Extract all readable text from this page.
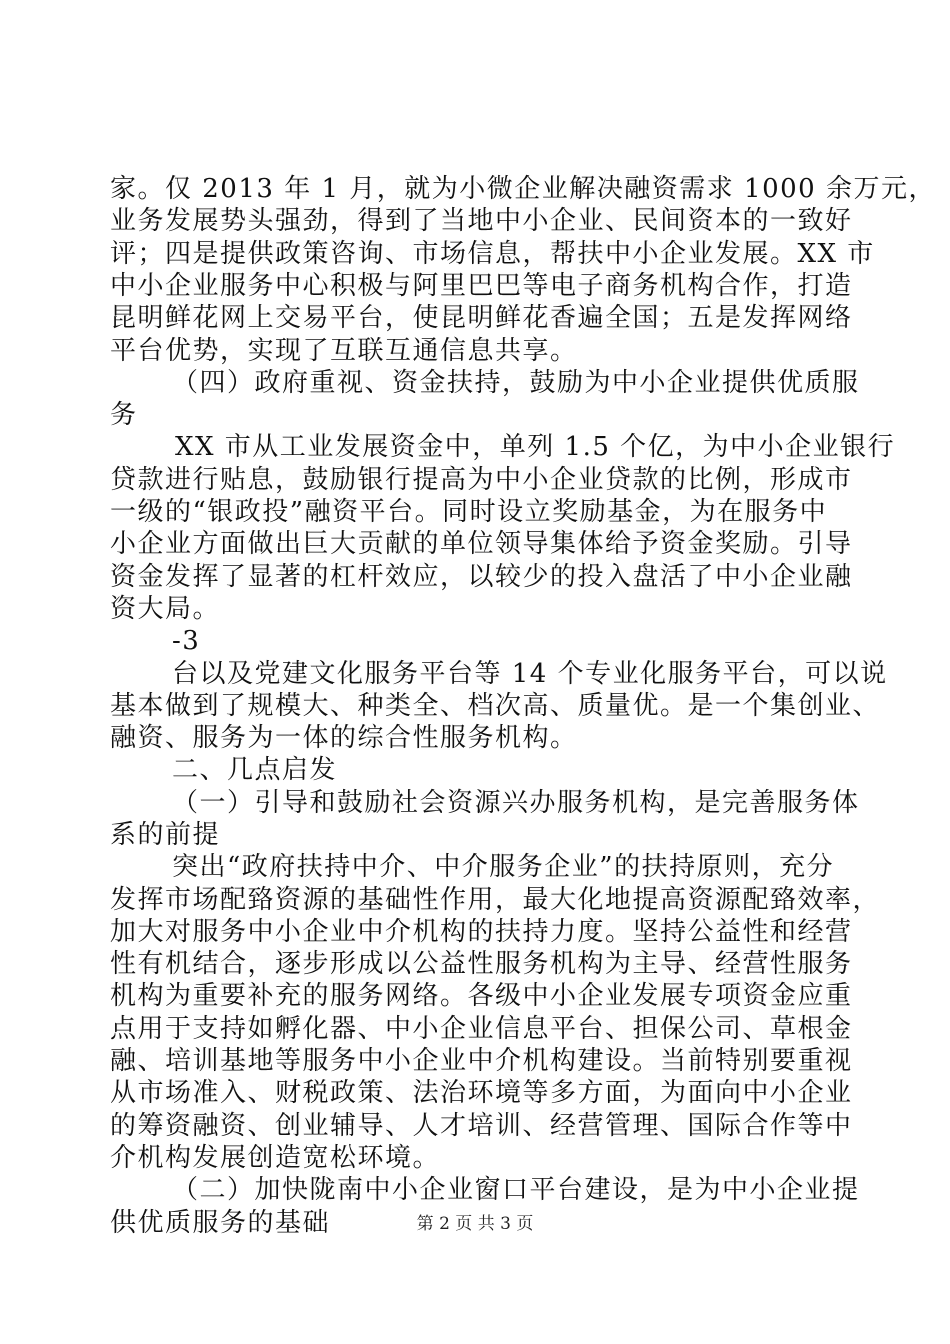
家。仅 2013 年 1 月，就为小微企业解决融资需求 1000 余万元，
业务发展势头强劲，得到了当地中小企业、民间资本的一致好
评；四是提供政策咨询、市场信息，帮扶中小企业发展。XX 市
中小企业服务中心积极与阿里巴巴等电子商务机构合作，打造
昆明鲜花网上交易平台，使昆明鲜花香遍全国；五是发挥网络
平台优势，实现了互联互通信息共享。
（四）政府重视、资金扶持，鼓励为中小企业提供优质服
务
XX 市从工业发展资金中，单列 1.5 个亿，为中小企业银行
贷款进行贴息，鼓励银行提高为中小企业贷款的比例，形成市
一级的“银政投”融资平台。同时设立奖励基金，为在服务中
小企业方面做出巨大贡献的单位领导集体给予资金奖励。引导
资金发挥了显著的杠杆效应，以较少的投入盘活了中小企业融
资大局。
-3
台以及党建文化服务平台等 14 个专业化服务平台，可以说
基本做到了规模大、种类全、档次高、质量优。是一个集创业、
融资、服务为一体的综合性服务机构。
二、几点启发
（一）引导和鼓励社会资源兴办服务机构，是完善服务体
系的前提
突出“政府扶持中介、中介服务企业”的扶持原则，充分
发挥市场配臵资源的基础性作用，最大化地提高资源配臵效率，
加大对服务中小企业中介机构的扶持力度。坚持公益性和经营
性有机结合，逐步形成以公益性服务机构为主导、经营性服务
机构为重要补充的服务网络。各级中小企业发展专项资金应重
点用于支持如孵化器、中小企业信息平台、担保公司、草根金
融、培训基地等服务中小企业中介机构建设。当前特别要重视
从市场准入、财税政策、法治环境等多方面，为面向中小企业
的筹资融资、创业辅导、人才培训、经营管理、国际合作等中
介机构发展创造宽松环境。
（二）加快陇南中小企业窗口平台建设，是为中小企业提
供优质服务的基础	第 2 页 共 3 页
